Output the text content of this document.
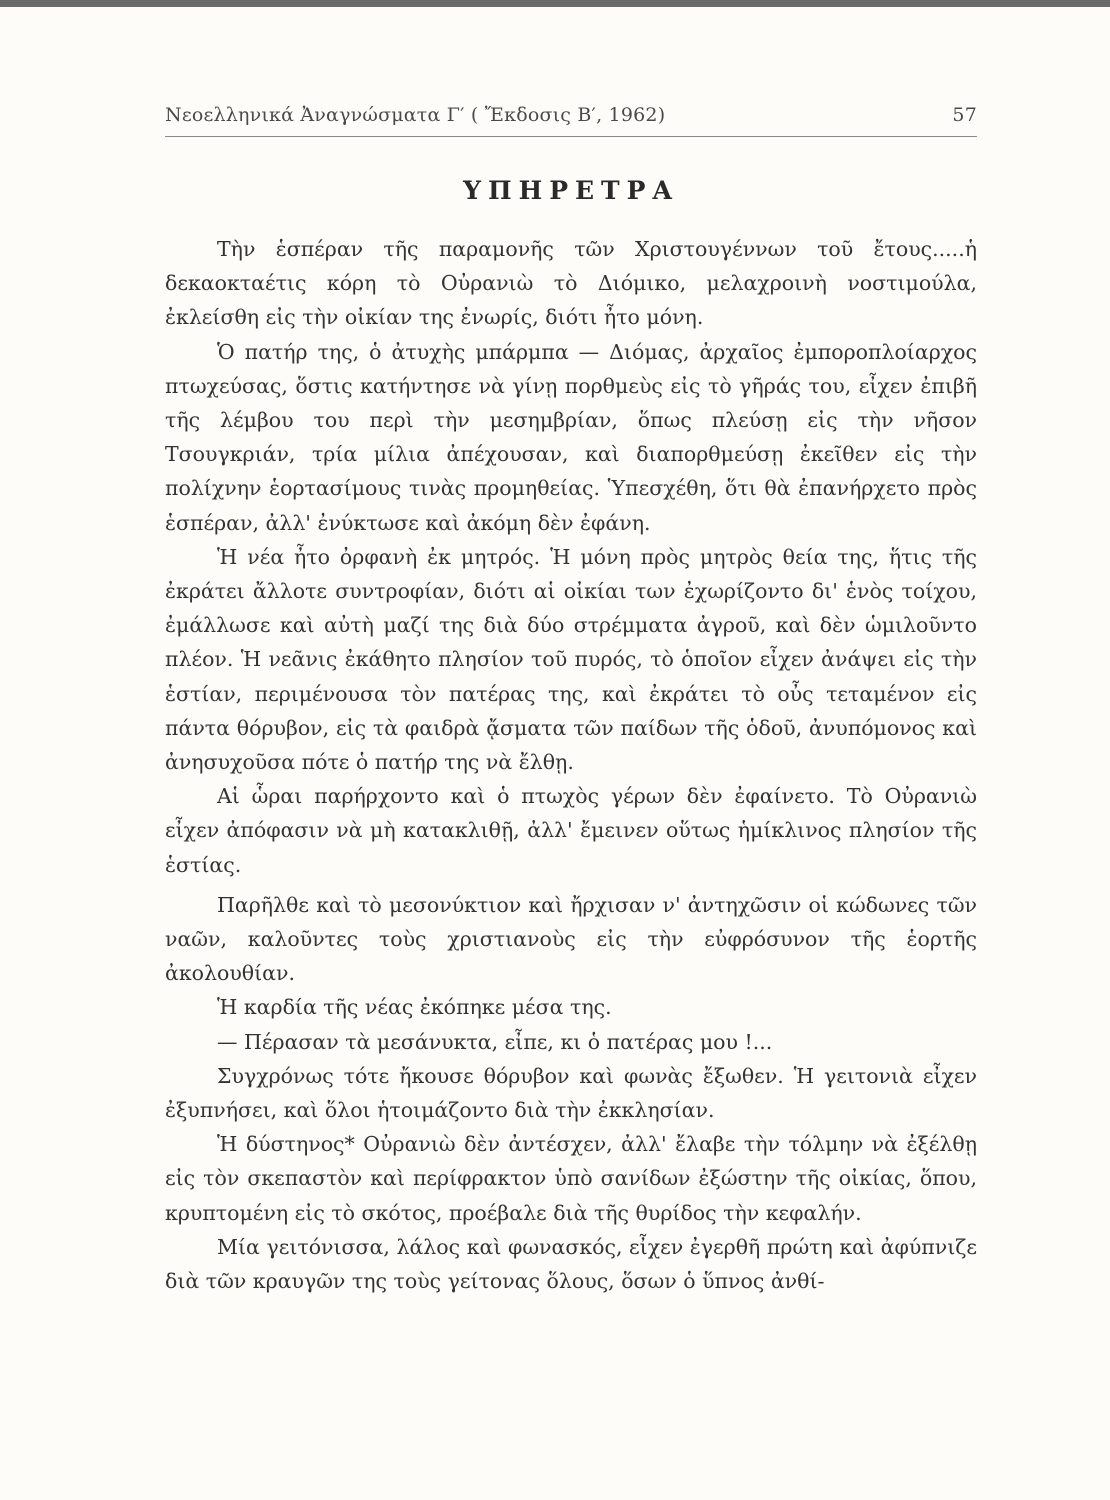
Νεοελληνικά Ἀναγνώσματα Γ′ ( Ἔκδοσις Β′, 1962)	57
ΥΠΗΡΕΤΡΑ

Τὴν ἑσπέραν τῆς παραμονῆς τῶν Χριστουγέννων τοῦ ἔτους.....ἡ δεκαοκταέτις κόρη τὸ Οὐρανιὼ τὸ Διόμικο, μελαχροινὴ νοστιμούλα, ἐκλείσθη εἰς τὴν οἰκίαν της ἐνωρίς, διότι ἦτο μόνη.

Ὁ πατήρ της, ὁ ἀτυχὴς μπάρμπα — Διόμας, ἀρχαῖος ἐμποροπλοίαρχος πτωχεύσας, ὅστις κατήντησε νὰ γίνῃ πορθμεὺς εἰς τὸ γῆράς του, εἶχεν ἐπιβῆ τῆς λέμβου του περὶ τὴν μεσημβρίαν, ὅπως πλεύσῃ εἰς τὴν νῆσον Τσουγκριάν, τρία μίλια ἀπέχουσαν, καὶ διαπορθμεύσῃ ἐκεῖθεν εἰς τὴν πολίχνην ἑορτασίμους τινὰς προμηθείας. Ὑπεσχέθη, ὅτι θὰ ἐπανήρχετο πρὸς ἑσπέραν, ἀλλ' ἐνύκτωσε καὶ ἀκόμη δὲν ἐφάνη.

Ἡ νέα ἦτο ὀρφανὴ ἐκ μητρός. Ἡ μόνη πρὸς μητρὸς θεία της, ἥτις τῆς ἐκράτει ἄλλοτε συντροφίαν, διότι αἱ οἰκίαι των ἐχωρίζοντο δι' ἑνὸς τοίχου, ἐμάλλωσε καὶ αὐτὴ μαζί της διὰ δύο στρέμματα ἀγροῦ, καὶ δὲν ὡμιλοῦντο πλέον. Ἡ νεᾶνις ἐκάθητο πλησίον τοῦ πυρός, τὸ ὁποῖον εἶχεν ἀνάψει εἰς τὴν ἑστίαν, περιμένουσα τὸν πατέρας της, καὶ ἐκράτει τὸ οὖς τεταμένον εἰς πάντα θόρυβον, εἰς τὰ φαιδρὰ ᾄσματα τῶν παίδων τῆς ὁδοῦ, ἀνυπόμονος καὶ ἀνησυχοῦσα πότε ὁ πατήρ της νὰ ἔλθῃ.

Αἱ ὧραι παρήρχοντο καὶ ὁ πτωχὸς γέρων δὲν ἐφαίνετο. Τὸ Οὐρανιὼ εἶχεν ἀπόφασιν νὰ μὴ κατακλιθῇ, ἀλλ' ἔμεινεν οὕτως ἡμίκλινος πλησίον τῆς ἑστίας.

Παρῆλθε καὶ τὸ μεσονύκτιον καὶ ἤρχισαν ν' ἀντηχῶσιν οἱ κώδωνες τῶν ναῶν, καλοῦντες τοὺς χριστιανοὺς εἰς τὴν εὐφρόσυνον τῆς ἑορτῆς ἀκολουθίαν.

Ἡ καρδία τῆς νέας ἐκόπηκε μέσα της.

— Πέρασαν τὰ μεσάνυκτα, εἶπε, κι ὁ πατέρας μου !...

Συγχρόνως τότε ἤκουσε θόρυβον καὶ φωνὰς ἔξωθεν. Ἡ γειτονιὰ εἶχεν ἐξυπνήσει, καὶ ὅλοι ἡτοιμάζοντο διὰ τὴν ἐκκλησίαν.

Ἡ δύστηνος* Οὐρανιὼ δὲν ἀντέσχεν, ἀλλ' ἔλαβε τὴν τόλμην νὰ ἐξέλθῃ εἰς τὸν σκεπαστὸν καὶ περίφρακτον ὑπὸ σανίδων ἐξώστην τῆς οἰκίας, ὅπου, κρυπτομένη εἰς τὸ σκότος, προέβαλε διὰ τῆς θυρίδος τὴν κεφαλήν.

Μία γειτόνισσα, λάλος καὶ φωνασκός, εἶχεν ἐγερθῆ πρώτη καὶ ἀφύπνιζε διὰ τῶν κραυγῶν της τοὺς γείτονας ὅλους, ὅσων ὁ ὕπνος ἀνθί-
